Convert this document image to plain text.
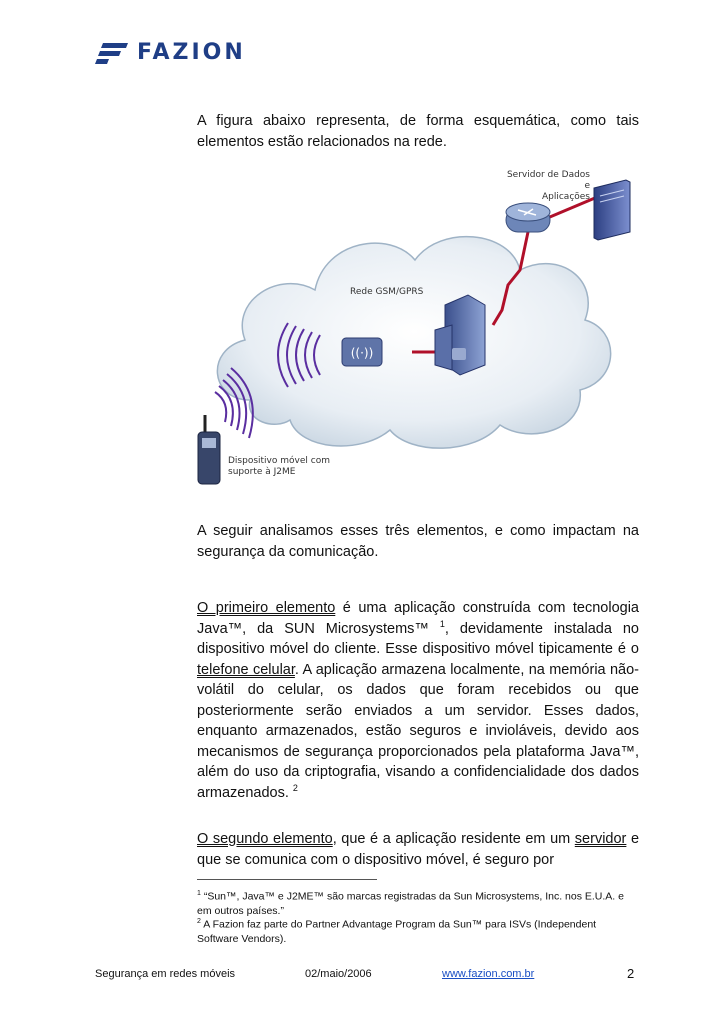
FAZION
A figura abaixo representa, de forma esquemática, como tais elementos estão relacionados na rede.
((·))
Servidor de Dados e
Aplicações
Rede GSM/GPRS
Dispositivo móvel com
suporte à J2ME
A seguir analisamos esses três elementos, e como impactam na segurança da comunicação.
O primeiro elemento é uma aplicação construída com tecnologia Java™, da SUN Microsystems™ $^1$, devidamente instalada no dispositivo móvel do cliente. Esse dispositivo móvel tipicamente é o telefone celular. A aplicação armazena localmente, na memória não-volátil do celular, os dados que foram recebidos ou que posteriormente serão enviados a um servidor. Esses dados, enquanto armazenados, estão seguros e invioláveis, devido aos mecanismos de segurança proporcionados pela plataforma Java™, além do uso da criptografia, visando a confidencialidade dos dados armazenados. $^2$
O segundo elemento, que é a aplicação residente em um servidor e que se comunica com o dispositivo móvel, é seguro por
$^1$ “Sun™, Java™ e J2ME™ são marcas registradas da Sun Microsystems, Inc. nos E.U.A. e em outros países.”
$^2$ A Fazion faz parte do Partner Advantage Program da Sun™ para ISVs (Independent Software Vendors).
Segurança em redes móveis	02/maio/2006	www.fazion.com.br	2
